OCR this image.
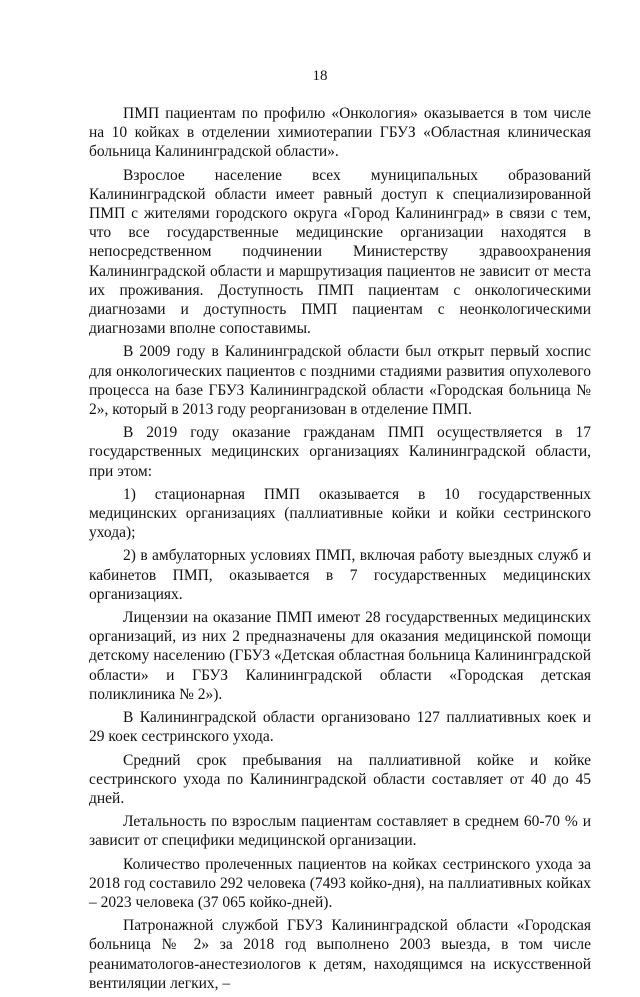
18

ПМП пациентам по профилю «Онкология» оказывается в том числе на 10 койках в отделении химиотерапии ГБУЗ «Областная клиническая больница Калининградской области».

Взрослое население всех муниципальных образований Калининградской области имеет равный доступ к специализированной ПМП с жителями городского округа «Город Калининград» в связи с тем, что все государственные медицинские организации находятся в непосредственном подчинении Министерству здравоохранения Калининградской области и маршрутизация пациентов не зависит от места их проживания. Доступность ПМП пациентам с онкологическими диагнозами и доступность ПМП пациентам с неонкологическими диагнозами вполне сопоставимы.

В 2009 году в Калининградской области был открыт первый хоспис для онкологических пациентов с поздними стадиями развития опухолевого процесса на базе ГБУЗ Калининградской области «Городская больница № 2», который в 2013 году реорганизован в отделение ПМП.

В 2019 году оказание гражданам ПМП осуществляется в 17 государственных медицинских организациях Калининградской области, при этом:

1) стационарная ПМП оказывается в 10 государственных медицинских организациях (паллиативные койки и койки сестринского ухода);

2) в амбулаторных условиях ПМП, включая работу выездных служб и кабинетов ПМП, оказывается в 7 государственных медицинских организациях.

Лицензии на оказание ПМП имеют 28 государственных медицинских организаций, из них 2 предназначены для оказания медицинской помощи детскому населению (ГБУЗ «Детская областная больница Калининградской области» и ГБУЗ Калининградской области «Городская детская поликлиника № 2»).

В Калининградской области организовано 127 паллиативных коек и 29 коек сестринского ухода.

Средний срок пребывания на паллиативной койке и койке сестринского ухода по Калининградской области составляет от 40 до 45 дней.

Летальность по взрослым пациентам составляет в среднем 60-70 % и зависит от специфики медицинской организации.

Количество пролеченных пациентов на койках сестринского ухода за 2018 год составило 292 человека (7493 койко-дня), на паллиативных койках – 2023 человека (37 065 койко-дней).

Патронажной службой ГБУЗ Калининградской области «Городская больница № 2» за 2018 год выполнено 2003 выезда, в том числе реаниматологов-анестезиологов к детям, находящимся на искусственной вентиляции легких, –
